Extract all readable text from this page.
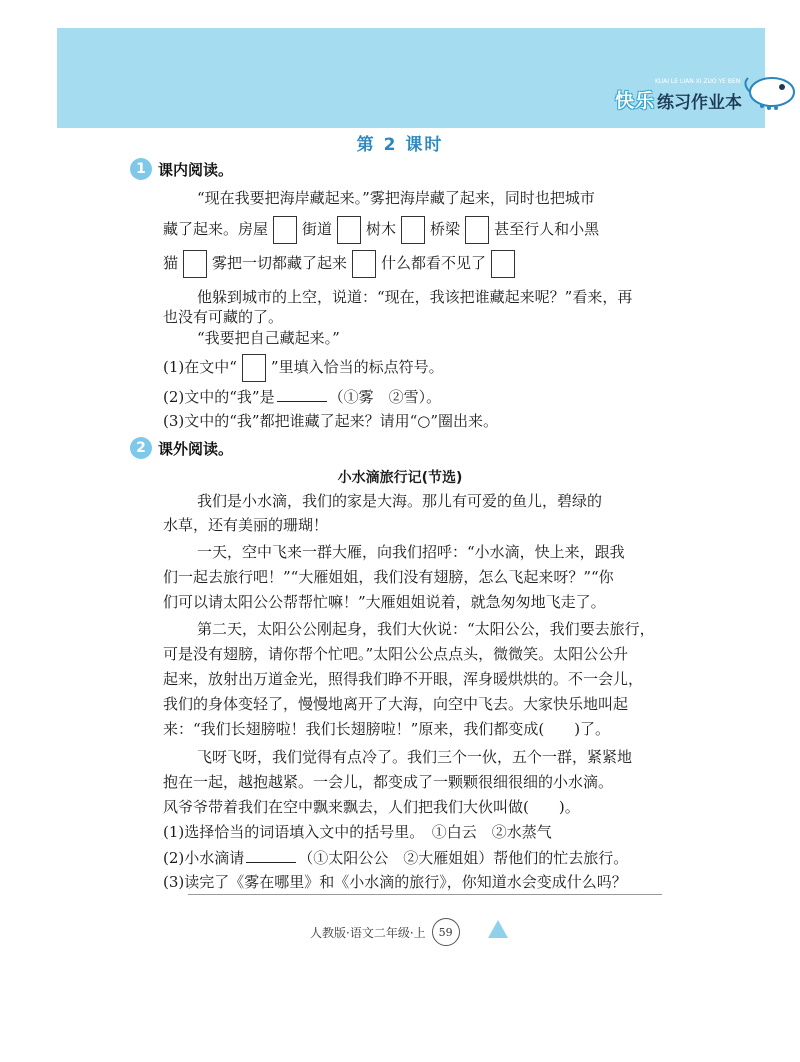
KUAI LE LIAN XI ZUO YE BEN
快乐 练习作业本
第 2 课时
1 课内阅读。
“现在我要把海岸藏起来。”雾把海岸藏了起来，同时也把城市
藏了起来。房屋 街道 树木 桥梁 甚至行人和小黑
猫 雾把一切都藏了起来 什么都看不见了
他躲到城市的上空，说道：“现在，我该把谁藏起来呢？”看来，再
也没有可藏的了。
“我要把自己藏起来。”
(1)在文中“ ”里填入恰当的标点符号。
(2)文中的“我”是	（①雾　②雪）。
(3)文中的“我”都把谁藏了起来？请用“○”圈出来。
2 课外阅读。
小水滴旅行记(节选)
我们是小水滴，我们的家是大海。那儿有可爱的鱼儿，碧绿的
水草，还有美丽的珊瑚！
一天，空中飞来一群大雁，向我们招呼：“小水滴，快上来，跟我
们一起去旅行吧！”“大雁姐姐，我们没有翅膀，怎么飞起来呀？”“你
们可以请太阳公公帮帮忙嘛！”大雁姐姐说着，就急匆匆地飞走了。
第二天，太阳公公刚起身，我们大伙说：“太阳公公，我们要去旅行，
可是没有翅膀，请你帮个忙吧。”太阳公公点点头，微微笑。太阳公公升
起来，放射出万道金光，照得我们睁不开眼，浑身暖烘烘的。不一会儿，
我们的身体变轻了，慢慢地离开了大海，向空中飞去。大家快乐地叫起
来：“我们长翅膀啦！我们长翅膀啦！”原来，我们都变成(　　)了。
飞呀飞呀，我们觉得有点冷了。我们三个一伙，五个一群，紧紧地
抱在一起，越抱越紧。一会儿，都变成了一颗颗很细很细的小水滴。
风爷爷带着我们在空中飘来飘去，人们把我们大伙叫做(　　)。
(1)选择恰当的词语填入文中的括号里。　①白云　②水蒸气
(2)小水滴请	（①太阳公公　②大雁姐姐）帮他们的忙去旅行。
(3)读完了《雾在哪里》和《小水滴的旅行》，你知道水会变成什么吗？
人教版·语文二年级·上	59
